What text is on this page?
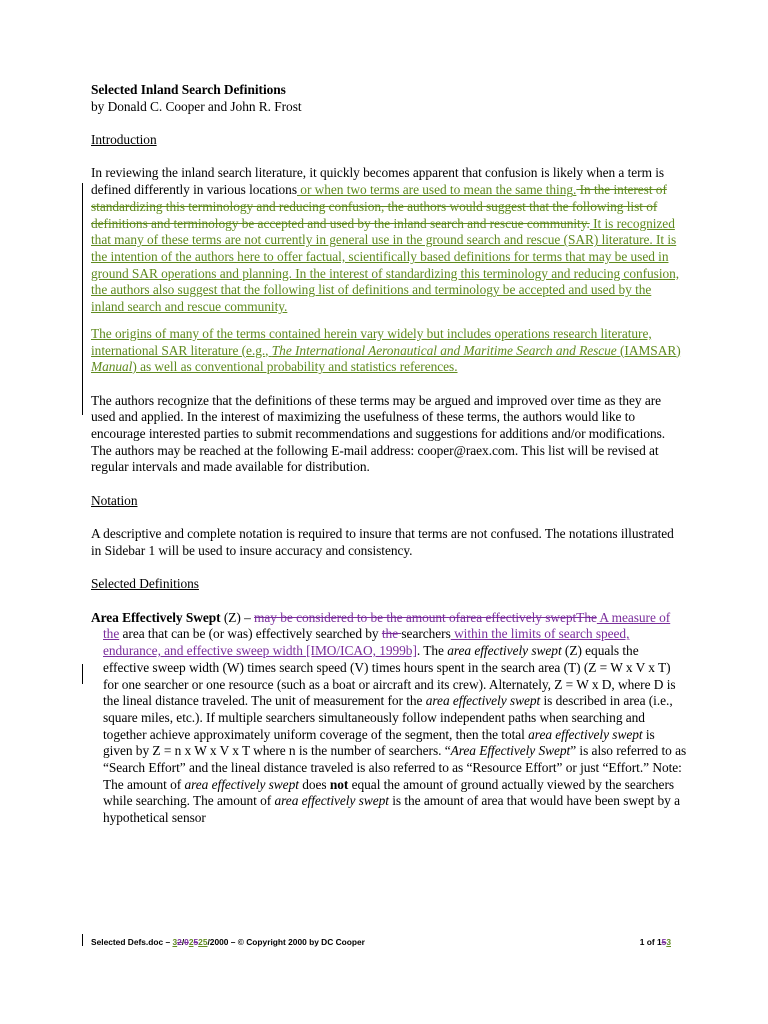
Selected Inland Search Definitions

by Donald C. Cooper and John R. Frost

Introduction

In reviewing the inland search literature, it quickly becomes apparent that confusion is likely when a term is defined differently in various locations or when two terms are used to mean the same thing. In the interest of standardizing this terminology and reducing confusion, the authors would suggest that the following list of definitions and terminology be accepted and used by the inland search and rescue community. It is recognized that many of these terms are not currently in general use in the ground search and rescue (SAR) literature. It is the intention of the authors here to offer factual, scientifically based definitions for terms that may be used in ground SAR operations and planning. In the interest of standardizing this terminology and reducing confusion, the authors also suggest that the following list of definitions and terminology be accepted and used by the inland search and rescue community.

The origins of many of the terms contained herein vary widely but includes operations research literature, international SAR literature (e.g., The International Aeronautical and Maritime Search and Rescue (IAMSAR) Manual) as well as conventional probability and statistics references.

The authors recognize that the definitions of these terms may be argued and improved over time as they are used and applied. In the interest of maximizing the usefulness of these terms, the authors would like to encourage interested parties to submit recommendations and suggestions for additions and/or modifications. The authors may be reached at the following E-mail address: cooper@raex.com. This list will be revised at regular intervals and made available for distribution.

Notation

A descriptive and complete notation is required to insure that terms are not confused. The notations illustrated in Sidebar 1 will be used to insure accuracy and consistency.

Selected Definitions

Area Effectively Swept (Z) – may be considered to be the amount ofarea effectively sweptThe A measure of the area that can be (or was) effectively searched by the searchers within the limits of search speed, endurance, and effective sweep width [IMO/ICAO, 1999b]. The area effectively swept (Z) equals the effective sweep width (W) times search speed (V) times hours spent in the search area (T) (Z = W x V x T) for one searcher or one resource (such as a boat or aircraft and its crew). Alternately, Z = W x D, where D is the lineal distance traveled. The unit of measurement for the area effectively swept is described in area (i.e., square miles, etc.). If multiple searchers simultaneously follow independent paths when searching and together achieve approximately uniform coverage of the segment, then the total area effectively swept is given by Z = n x W x V x T where n is the number of searchers. “Area Effectively Swept” is also referred to as “Search Effort” and the lineal distance traveled is also referred to as “Resource Effort” or just “Effort.” Note: The amount of area effectively swept does not equal the amount of ground actually viewed by the searchers while searching. The amount of area effectively swept is the amount of area that would have been swept by a hypothetical sensor

Selected Defs.doc – 32/02525/2000 – © Copyright 2000 by DC Cooper	1 of 153
